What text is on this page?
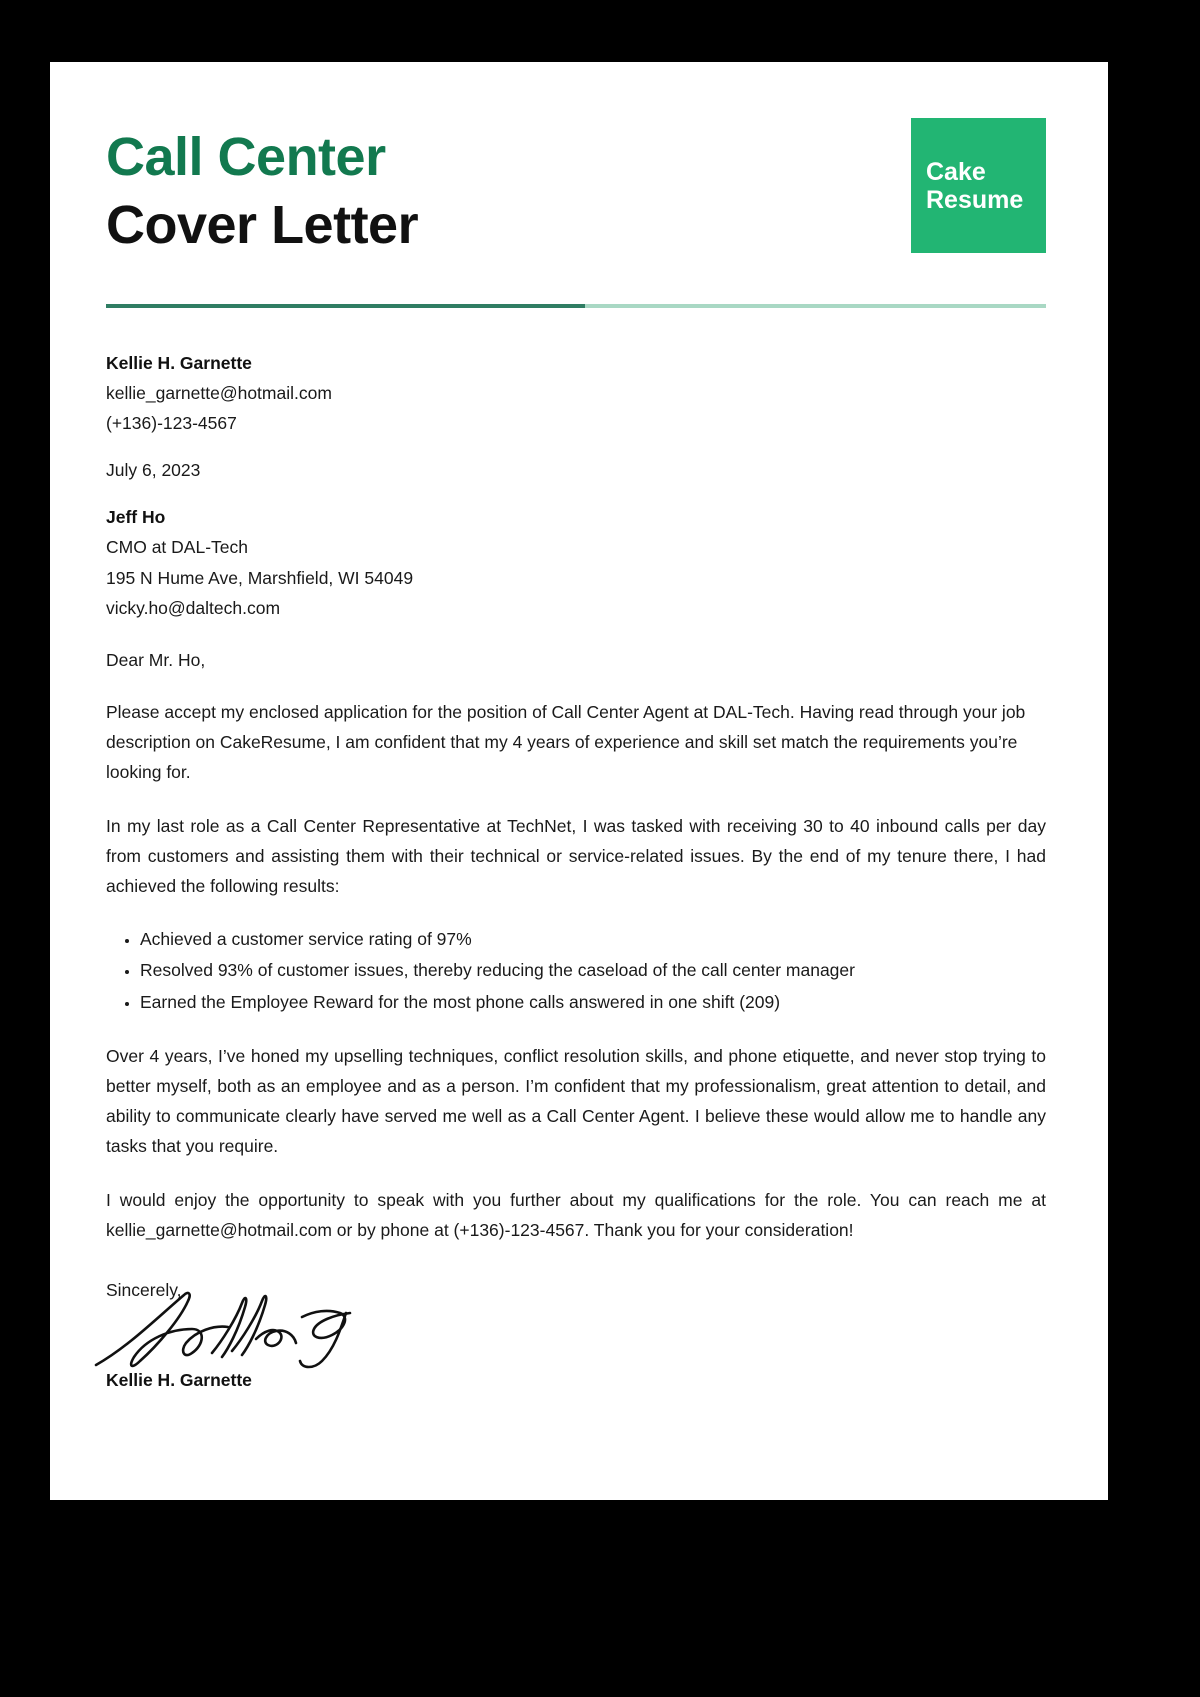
Call Center
Cover Letter
Cake
Resume
Kellie H. Garnette
kellie_garnette@hotmail.com
(+136)-123-4567
July 6, 2023
Jeff Ho
CMO at DAL-Tech
195 N Hume Ave, Marshfield, WI 54049
vicky.ho@daltech.com
Dear Mr. Ho,

Please accept my enclosed application for the position of Call Center Agent at DAL-Tech. Having read through your job description on CakeResume, I am confident that my 4 years of experience and skill set match the requirements you’re looking for.

In my last role as a Call Center Representative at TechNet, I was tasked with receiving 30 to 40 inbound calls per day from customers and assisting them with their technical or service-related issues. By the end of my tenure there, I had achieved the following results:

• Achieved a customer service rating of 97%
• Resolved 93% of customer issues, thereby reducing the caseload of the call center manager
• Earned the Employee Reward for the most phone calls answered in one shift (209)

Over 4 years, I’ve honed my upselling techniques, conflict resolution skills, and phone etiquette, and never stop trying to better myself, both as an employee and as a person. I’m confident that my professionalism, great attention to detail, and ability to communicate clearly have served me well as a Call Center Agent. I believe these would allow me to handle any tasks that you require.

I would enjoy the opportunity to speak with you further about my qualifications for the role. You can reach me at kellie_garnette@hotmail.com or by phone at (+136)-123-4567. Thank you for your consideration!

Sincerely,
Kellie H. Garnette
